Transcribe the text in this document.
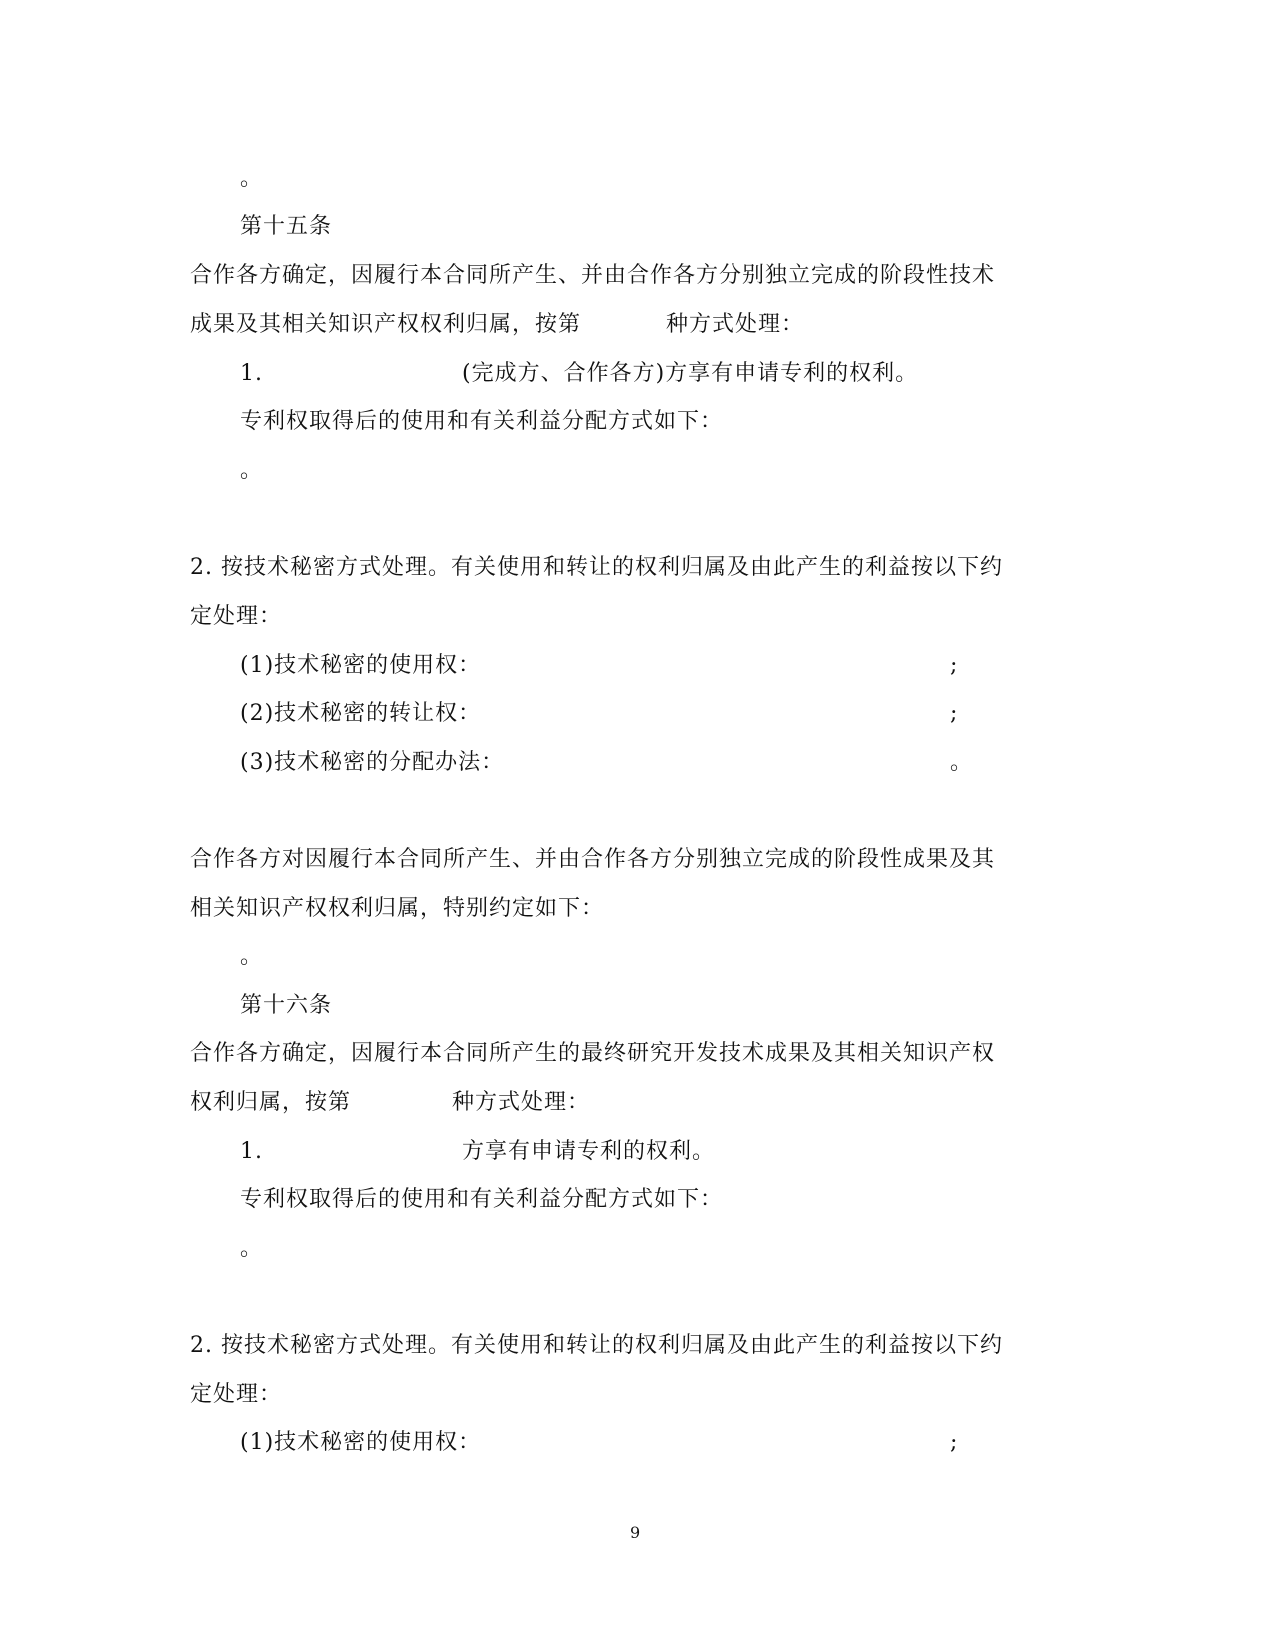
。
第十五条
合作各方确定，因履行本合同所产生、并由合作各方分别独立完成的阶段性技术
成果及其相关知识产权权利归属，按第	种方式处理：
1.	(完成方、合作各方)方享有申请专利的权利。
专利权取得后的使用和有关利益分配方式如下：
。
2. 按技术秘密方式处理。有关使用和转让的权利归属及由此产生的利益按以下约
定处理：
(1)技术秘密的使用权：	;
(2)技术秘密的转让权：	;
(3)技术秘密的分配办法：	。
合作各方对因履行本合同所产生、并由合作各方分别独立完成的阶段性成果及其
相关知识产权权利归属，特别约定如下：
。
第十六条
合作各方确定，因履行本合同所产生的最终研究开发技术成果及其相关知识产权
权利归属，按第	种方式处理：
1.	方享有申请专利的权利。
专利权取得后的使用和有关利益分配方式如下：
。
2. 按技术秘密方式处理。有关使用和转让的权利归属及由此产生的利益按以下约
定处理：
(1)技术秘密的使用权：	;
9
